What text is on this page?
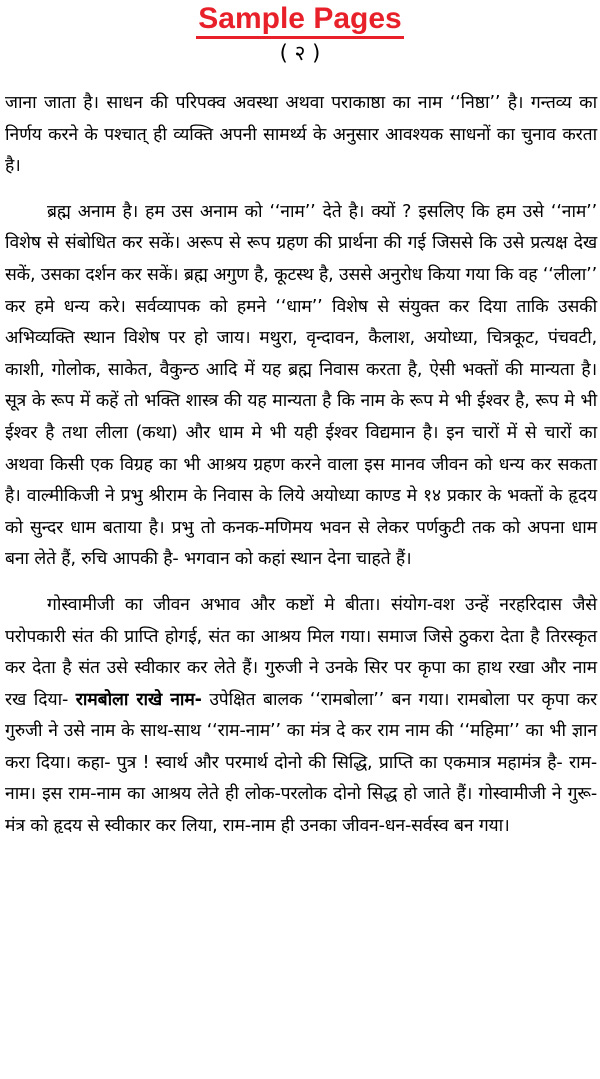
Sample Pages
( २ )

जाना जाता है। साधन की परिपक्व अवस्था अथवा पराकाष्ठा का नाम ‘‘निष्ठा’’ है। गन्तव्य का निर्णय करने के पश्चात् ही व्यक्ति अपनी सामर्थ्य के अनुसार आवश्यक साधनों का चुनाव करता है।

ब्रह्म अनाम है। हम उस अनाम को ‘‘नाम’’ देते है। क्यों ? इसलिए कि हम उसे ‘‘नाम’’ विशेष से संबोधित कर सकें। अरूप से रूप ग्रहण की प्रार्थना की गई जिससे कि उसे प्रत्यक्ष देख सकें, उसका दर्शन कर सकें। ब्रह्म अगुण है, कूटस्थ है, उससे अनुरोध किया गया कि वह ‘‘लीला’’ कर हमे धन्य करे। सर्वव्यापक को हमने ‘‘धाम’’ विशेष से संयुक्त कर दिया ताकि उसकी अभिव्यक्ति स्थान विशेष पर हो जाय। मथुरा, वृन्दावन, कैलाश, अयोध्या, चित्रकूट, पंचवटी, काशी, गोलोक, साकेत, वैकुन्ठ आदि में यह ब्रह्म निवास करता है, ऐसी भक्तों की मान्यता है। सूत्र के रूप में कहें तो भक्ति शास्त्र की यह मान्यता है कि नाम के रूप मे भी ईश्वर है, रूप मे भी ईश्वर है तथा लीला (कथा) और धाम मे भी यही ईश्वर विद्यमान है। इन चारों में से चारों का अथवा किसी एक विग्रह का भी आश्रय ग्रहण करने वाला इस मानव जीवन को धन्य कर सकता है। वाल्मीकिजी ने प्रभु श्रीराम के निवास के लिये अयोध्या काण्ड मे १४ प्रकार के भक्तों के हृदय को सुन्दर धाम बताया है। प्रभु तो कनक-मणिमय भवन से लेकर पर्णकुटी तक को अपना धाम बना लेते हैं, रुचि आपकी है- भगवान को कहां स्थान देना चाहते हैं।

गोस्वामीजी का जीवन अभाव और कष्टों मे बीता। संयोग-वश उन्हें नरहरिदास जैसे परोपकारी संत की प्राप्ति होगई, संत का आश्रय मिल गया। समाज जिसे ठुकरा देता है तिरस्कृत कर देता है संत उसे स्वीकार कर लेते हैं। गुरुजी ने उनके सिर पर कृपा का हाथ रखा और नाम रख दिया- रामबोला राखे नाम- उपेक्षित बालक ‘‘रामबोला’’ बन गया। रामबोला पर कृपा कर गुरुजी ने उसे नाम के साथ-साथ ‘‘राम-नाम’’ का मंत्र दे कर राम नाम की ‘‘महिमा’’ का भी ज्ञान करा दिया। कहा- पुत्र ! स्वार्थ और परमार्थ दोनो की सिद्धि, प्राप्ति का एकमात्र महामंत्र है- राम-नाम। इस राम-नाम का आश्रय लेते ही लोक-परलोक दोनो सिद्ध हो जाते हैं। गोस्वामीजी ने गुरू-मंत्र को हृदय से स्वीकार कर लिया, राम-नाम ही उनका जीवन-धन-सर्वस्व बन गया।
